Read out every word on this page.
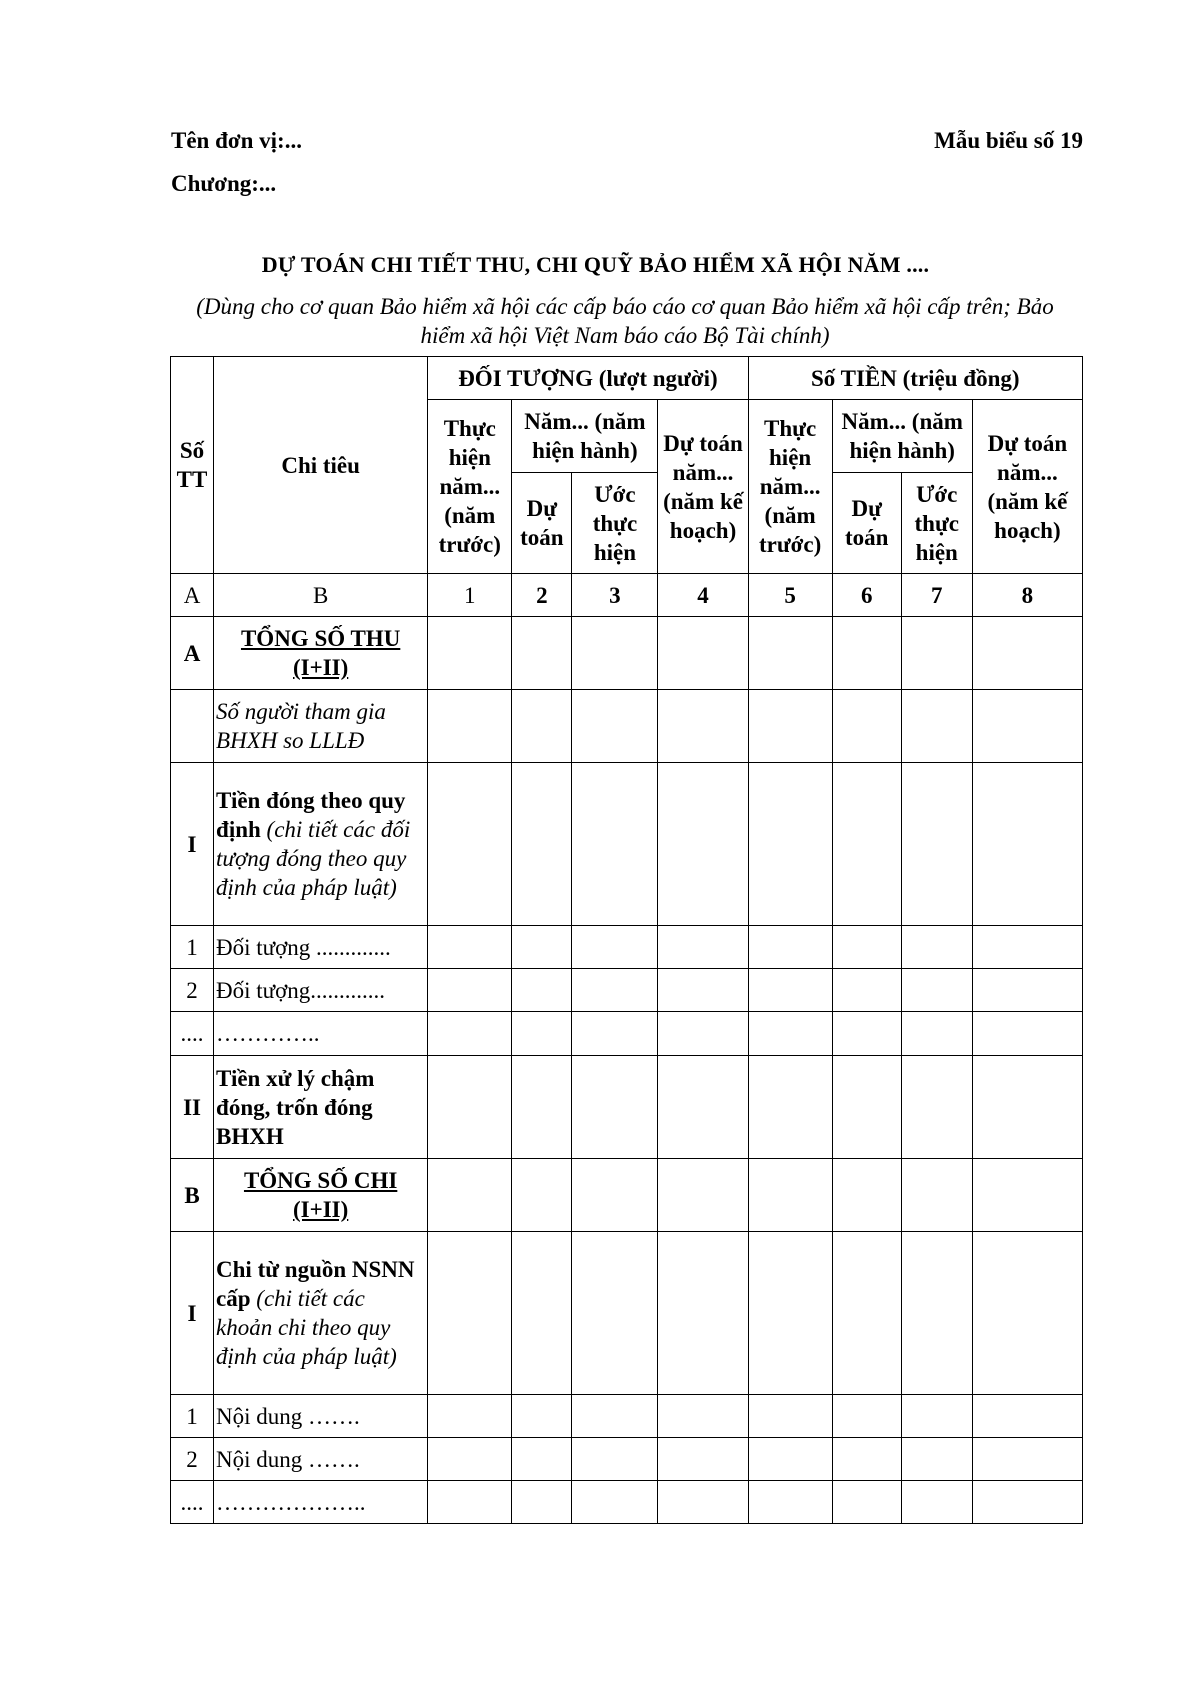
Tên đơn vị:...	Mẫu biểu số 19
Chương:...
DỰ TOÁN CHI TIẾT THU, CHI QUỸ BẢO HIỂM XÃ HỘI NĂM ....
(Dùng cho cơ quan Bảo hiểm xã hội các cấp báo cáo cơ quan Bảo hiểm xã hội cấp trên; Bảo hiểm xã hội Việt Nam báo cáo Bộ Tài chính)
Số TT	Chi tiêu	ĐỐI TƯỢNG (lượt người)				Số TIỀN (triệu đồng)			
		Thực hiện năm... (năm trước)	Năm... (năm hiện hành)		Dự toán năm... (năm kế hoạch)	Thực hiện năm... (năm trước)	Năm... (năm hiện hành)		Dự toán năm... (năm kế hoạch)
			Dự toán	Ước thực hiện			Dự toán	Ước thực hiện	
A	B	1	2	3	4	5	6	7	8
A	TỔNG SỐ THU (I+II)								
	Số người tham gia BHXH so LLLĐ								
I	Tiền đóng theo quy định (chi tiết các đối tượng đóng theo quy định của pháp luật)								
1	Đối tượng .............								
2	Đối tượng.............								
....	…………..								
II	Tiền xử lý chậm đóng, trốn đóng BHXH								
B	TỔNG SỐ CHI (I+II)								
I	Chi từ nguồn NSNN cấp (chi tiết các khoản chi theo quy định của pháp luật)								
1	Nội dung …….								
2	Nội dung …….								
....	………………..								
